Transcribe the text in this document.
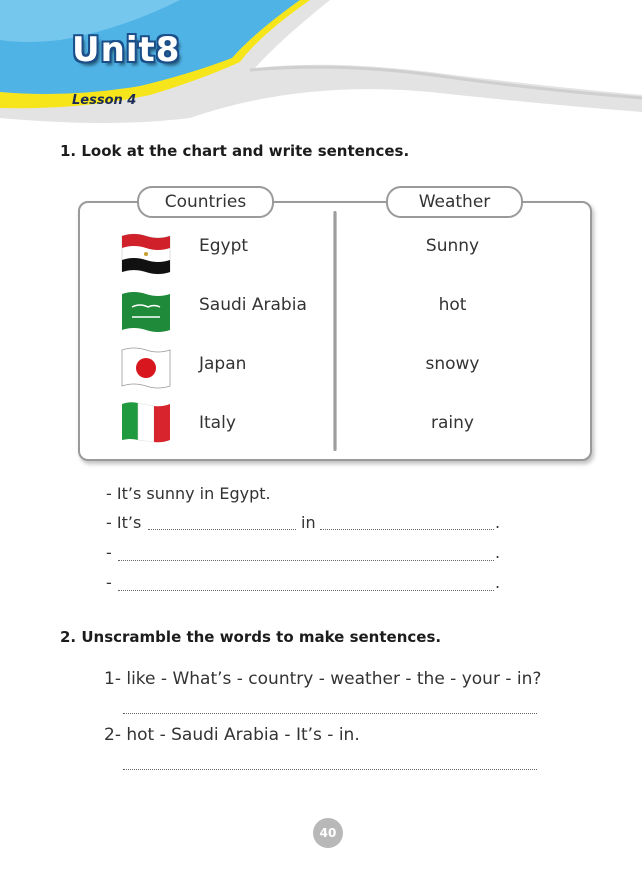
Unit8
Lesson 4
1. Look at the chart and write sentences.
Countries	Weather
Egypt	Sunny
Saudi Arabia	hot
Japan	snowy
Italy	rainy
- It’s sunny in Egypt.
- It’s	in	.
-	.
-	.
2. Unscramble the words to make sentences.
1- like - What’s - country - weather - the - your - in?
2- hot - Saudi Arabia - It’s - in.
40
